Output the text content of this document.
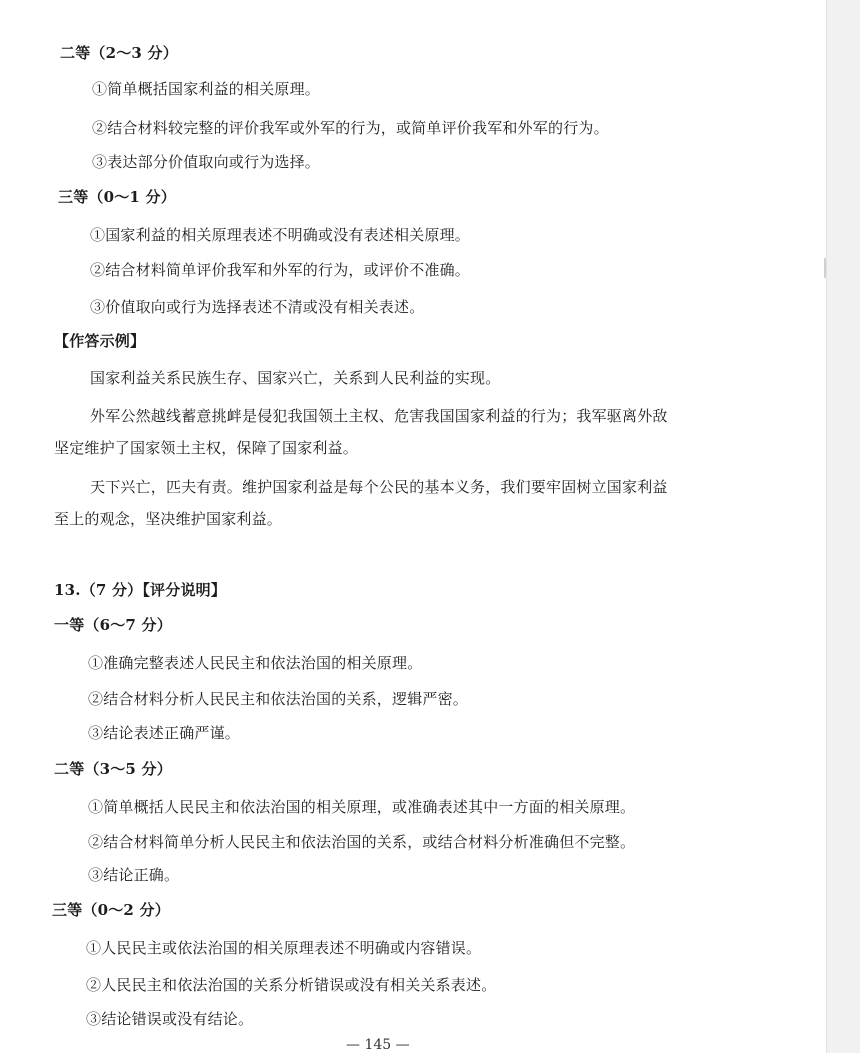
二等（2～3 分）
①简单概括国家利益的相关原理。
②结合材料较完整的评价我军或外军的行为，或简单评价我军和外军的行为。
③表达部分价值取向或行为选择。
三等（0～1 分）
①国家利益的相关原理表述不明确或没有表述相关原理。
②结合材料简单评价我军和外军的行为，或评价不准确。
③价值取向或行为选择表述不清或没有相关表述。
【作答示例】
国家利益关系民族生存、国家兴亡，关系到人民利益的实现。
外军公然越线蓄意挑衅是侵犯我国领土主权、危害我国国家利益的行为；我军驱离外敌
坚定维护了国家领土主权，保障了国家利益。
天下兴亡，匹夫有责。维护国家利益是每个公民的基本义务，我们要牢固树立国家利益
至上的观念，坚决维护国家利益。
13.（7 分）【评分说明】
一等（6～7 分）
①准确完整表述人民民主和依法治国的相关原理。
②结合材料分析人民民主和依法治国的关系，逻辑严密。
③结论表述正确严谨。
二等（3～5 分）
①简单概括人民民主和依法治国的相关原理，或准确表述其中一方面的相关原理。
②结合材料简单分析人民民主和依法治国的关系，或结合材料分析准确但不完整。
③结论正确。
三等（0～2 分）
①人民民主或依法治国的相关原理表述不明确或内容错误。
②人民民主和依法治国的关系分析错误或没有相关关系表述。
③结论错误或没有结论。
— 145 —
